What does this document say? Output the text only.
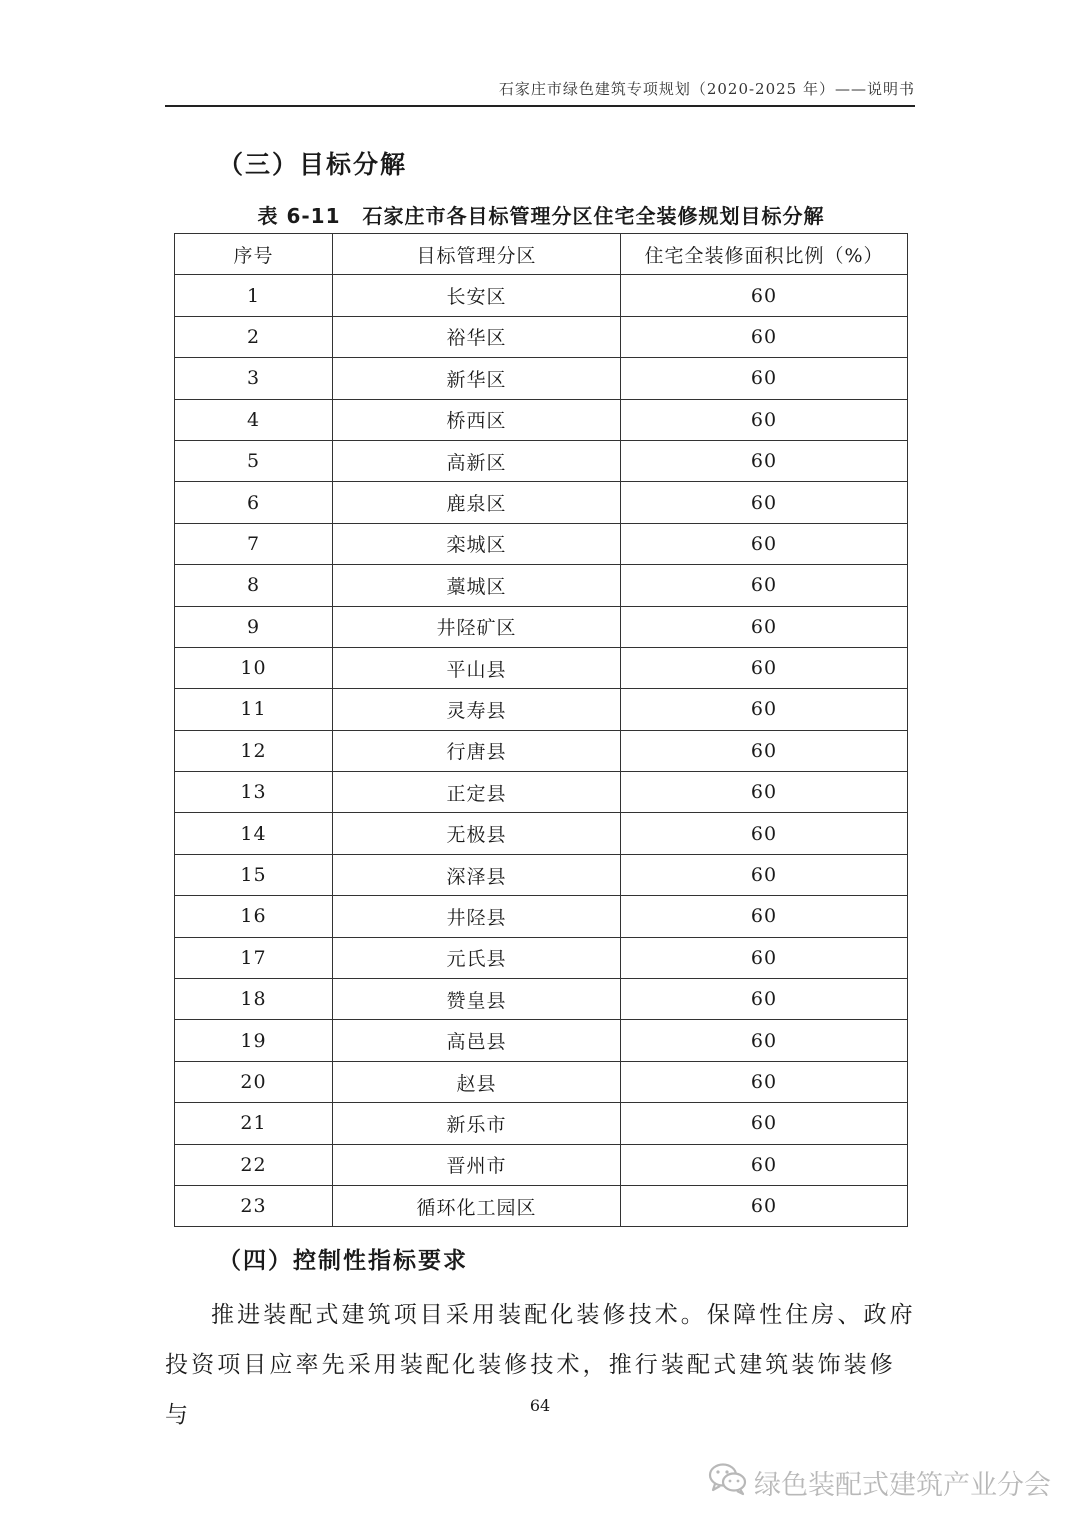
石家庄市绿色建筑专项规划（2020-2025 年）——说明书
（三）目标分解
表 6-11 石家庄市各目标管理分区住宅全装修规划目标分解
序号	目标管理分区	住宅全装修面积比例（%）
1	长安区	60
2	裕华区	60
3	新华区	60
4	桥西区	60
5	高新区	60
6	鹿泉区	60
7	栾城区	60
8	藁城区	60
9	井陉矿区	60
10	平山县	60
11	灵寿县	60
12	行唐县	60
13	正定县	60
14	无极县	60
15	深泽县	60
16	井陉县	60
17	元氏县	60
18	赞皇县	60
19	高邑县	60
20	赵县	60
21	新乐市	60
22	晋州市	60
23	循环化工园区	60
（四）控制性指标要求
推进装配式建筑项目采用装配化装修技术。保障性住房、政府投资项目应率先采用装配化装修技术，推行装配式建筑装饰装修与	64
绿色装配式建筑产业分会
